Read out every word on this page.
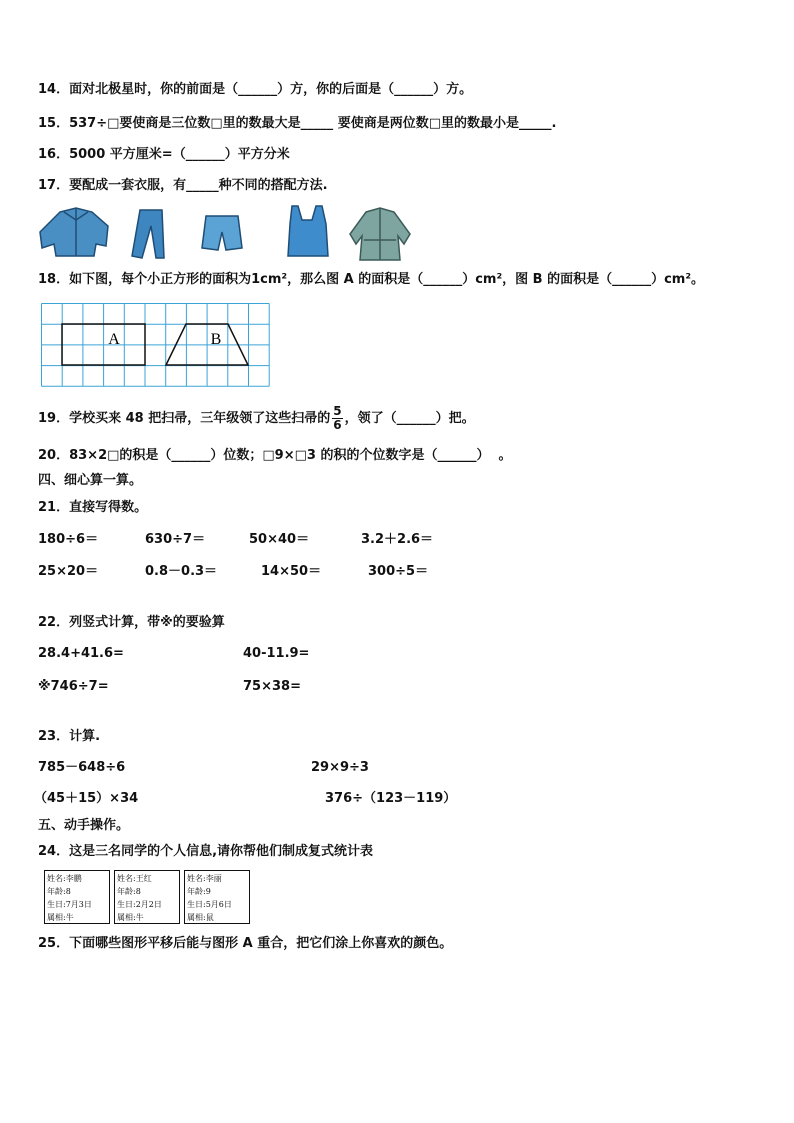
14．面对北极星时，你的前面是（______）方，你的后面是（______）方。
15．537÷□要使商是三位数□里的数最大是_____ 要使商是两位数□里的数最小是_____.
16．5000 平方厘米=（______）平方分米
17．要配成一套衣服，有_____种不同的搭配方法.
18．如下图，每个小正方形的面积为1cm²，那么图 A 的面积是（______）cm²，图 B 的面积是（______）cm²。
A	B
19．学校买来 48 把扫帚，三年级领了这些扫帚的 $\frac{5}{6}$ ，领了（______）把。
20．83×2□的积是（______）位数；□9×□3 的积的个位数字是（______）  。
四、细心算一算。
21．直接写得数。
180÷6＝	630÷7＝	50×40＝	3.2＋2.6＝
25×20＝	0.8－0.3＝	14×50＝	300÷5＝
22．列竖式计算，带※的要验算
28.4+41.6=	40-11.9=
※746÷7=	75×38=
23．计算.
785－648÷6	29×9÷3
（45＋15）×34	376÷（123－119）
五、动手操作。
24．这是三名同学的个人信息,请你帮他们制成复式统计表
姓名:李鹏
年龄:8
生日:7月3日
属相:牛
姓名:王红
年龄:8
生日:2月2日
属相:牛
姓名:李丽
年龄:9
生日:5月6日
属相:鼠
25．下面哪些图形平移后能与图形 A 重合，把它们涂上你喜欢的颜色。
